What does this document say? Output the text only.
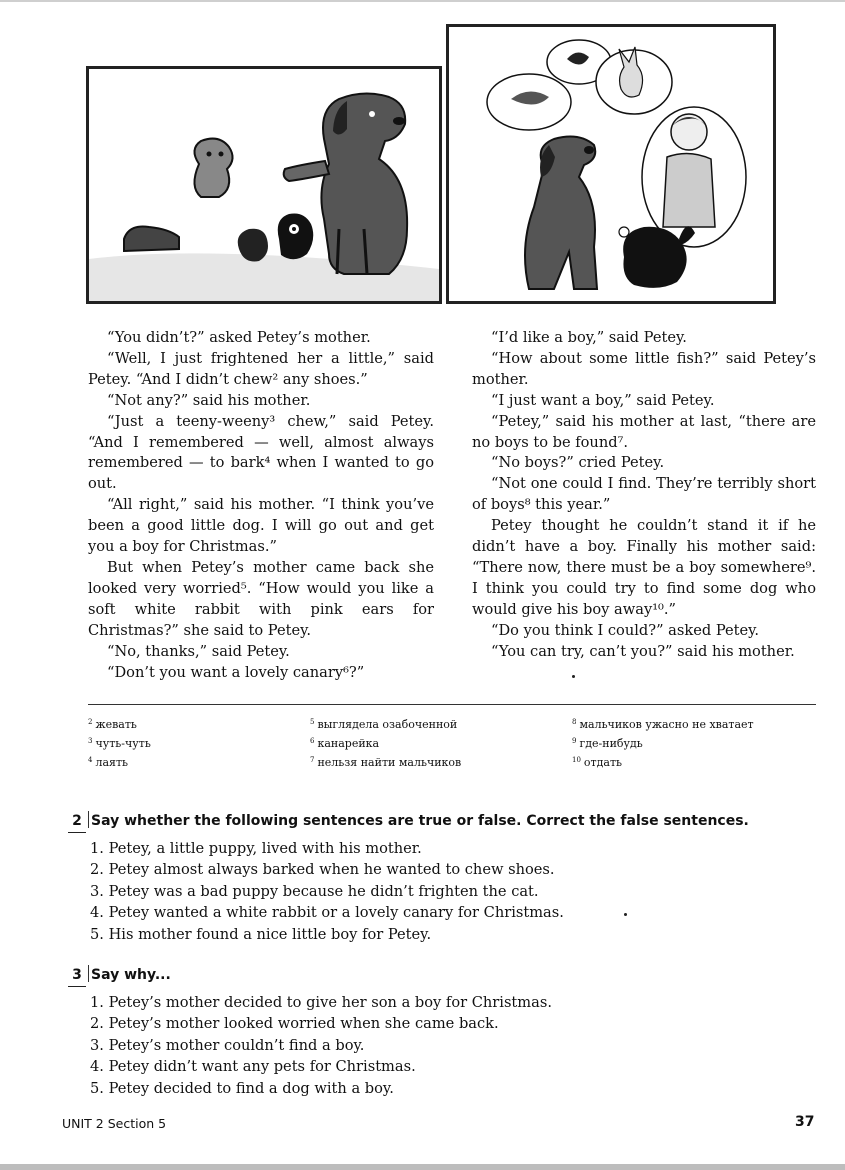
“You didn’t?” asked Petey’s mother.

“Well, I just frightened her a little,” said Petey. “And I didn’t chew² any shoes.”

“Not any?” said his mother.

“Just a teeny-weeny³ chew,” said Petey. “And I remembered — well, almost always remembered — to bark⁴ when I wanted to go out.

“All right,” said his mother. “I think you’ve been a good little dog. I will go out and get you a boy for Christmas.”

But when Petey’s mother came back she looked very worried⁵. “How would you like a soft white rabbit with pink ears for Christmas?” she said to Petey.

“No, thanks,” said Petey.

“Don’t you want a lovely canary⁶?”

“I’d like a boy,” said Petey.

“How about some little fish?” said Petey’s mother.

“I just want a boy,” said Petey.

“Petey,” said his mother at last, “there are no boys to be found⁷.

“No boys?” cried Petey.

“Not one could I find. They’re terribly short of boys⁸ this year.”

Petey thought he couldn’t stand it if he didn’t have a boy. Finally his mother said: “There now, there must be a boy somewhere⁹. I think you could try to find some dog who would give his boy away¹⁰.”

“Do you think I could?” asked Petey.

“You can try, can’t you?” said his mother.

$^2$ жевать
$^3$ чуть-чуть
$^4$ лаять
$^5$ выглядела озабоченной
$^6$ канарейка
$^7$ нельзя найти мальчиков
$^8$ мальчиков ужасно не хватает
$^9$ где-нибудь
$^{10}$ отдать
2 Say whether the following sentences are true or false. Correct the false sentences.
1. Petey, a little puppy, lived with his mother.
2. Petey almost always barked when he wanted to chew shoes.
3. Petey was a bad puppy because he didn’t frighten the cat.
4. Petey wanted a white rabbit or a lovely canary for Christmas.
5. His mother found a nice little boy for Petey.
3 Say why...
1. Petey’s mother decided to give her son a boy for Christmas.
2. Petey’s mother looked worried when she came back.
3. Petey’s mother couldn’t find a boy.
4. Petey didn’t want any pets for Christmas.
5. Petey decided to find a dog with a boy.
UNIT 2 Section 5	37
